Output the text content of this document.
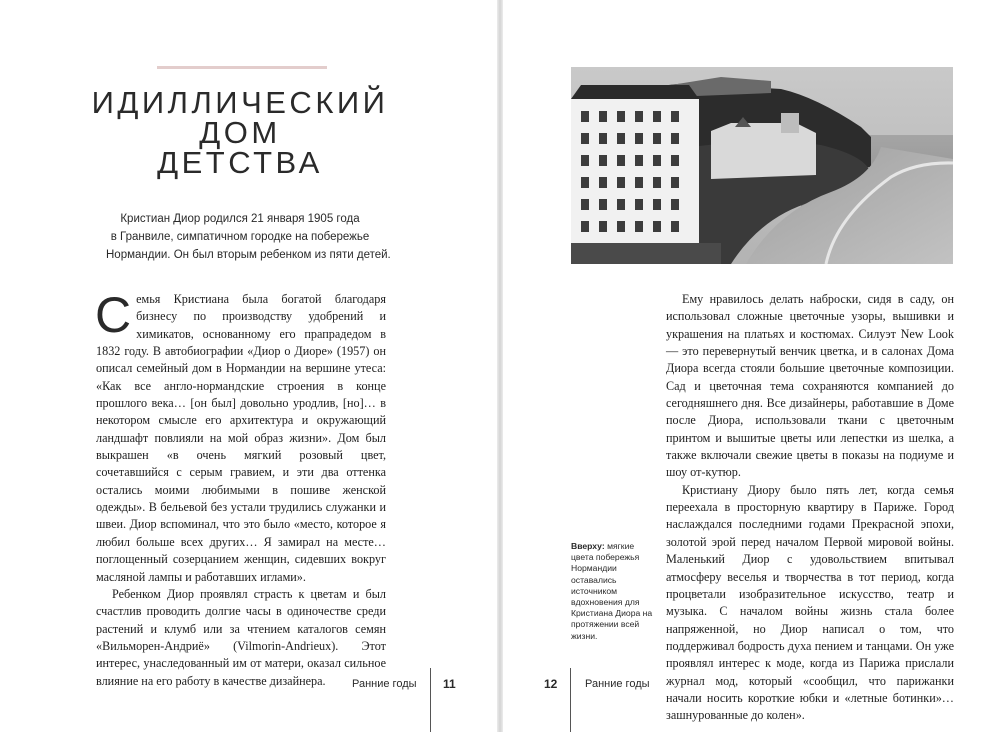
ИДИЛЛИЧЕСКИЙ
ДОМ
ДЕТСТВА
Кристиан Диор родился 21 января 1905 года
в Гранвиле, симпатичном городке на побережье
Нормандии. Он был вторым ребенком из пяти детей.

Семья Кристиана была богатой благодаря бизнесу по производству удобрений и химикатов, основанному его прапрадедом в 1832 году. В автобиографии «Диор о Диоре» (1957) он описал семейный дом в Нормандии на вершине утеса: «Как все англо-нормандские строения в конце прошлого века… [он был] довольно уродлив, [но]… в некотором смысле его архитектура и окружающий ландшафт повлияли на мой образ жизни». Дом был выкрашен «в очень мягкий розовый цвет, сочетавшийся с серым гравием, и эти два оттенка остались моими любимыми в пошиве женской одежды». В бельевой без устали трудились служанки и швеи. Диор вспоминал, что это было «место, которое я любил больше всех других… Я замирал на месте… поглощенный созерцанием женщин, сидевших вокруг масляной лампы и работавших иглами».

Ребенком Диор проявлял страсть к цветам и был счастлив проводить долгие часы в одиночестве среди растений и клумб или за чтением каталогов семян «Вильморен-Андриё» (Vilmorin-Andrieux). Этот интерес, унаследованный им от матери, оказал сильное влияние на его работу в качестве дизайнера.	Ранние годы 11

Ему нравилось делать наброски, сидя в саду, он использовал сложные цветочные узоры, вышивки и украшения на платьях и костюмах. Силуэт New Look — это перевернутый венчик цветка, и в салонах Дома Диора всегда стояли большие цветочные композиции. Сад и цветочная тема сохраняются компанией до сегодняшнего дня. Все дизайнеры, работавшие в Доме после Диора, использовали ткани с цветочным принтом и вышитые цветы или лепестки из шелка, а также включали свежие цветы в показы на подиуме и шоу от-кутюр.

Кристиану Диору было пять лет, когда семья переехала в просторную квартиру в Париже. Город наслаждался последними годами Прекрасной эпохи, золотой эрой перед началом Первой мировой войны. Маленький Диор с удовольствием впитывал атмосферу веселья и творчества в тот период, когда процветали изобразительное искусство, театр и музыка. С началом войны жизнь стала более напряженной, но Диор написал о том, что поддерживал бодрость духа пением и танцами. Он уже проявлял интерес к моде, когда из Парижа прислали журнал мод, который «сообщил, что парижанки начали носить короткие юбки и «летные ботинки»… зашнурованные до колен».

Вверху: мягкие цвета побережья Нормандии оставались источником вдохновения для Кристиана Диора на протяжении всей жизни.
12	Ранние годы
